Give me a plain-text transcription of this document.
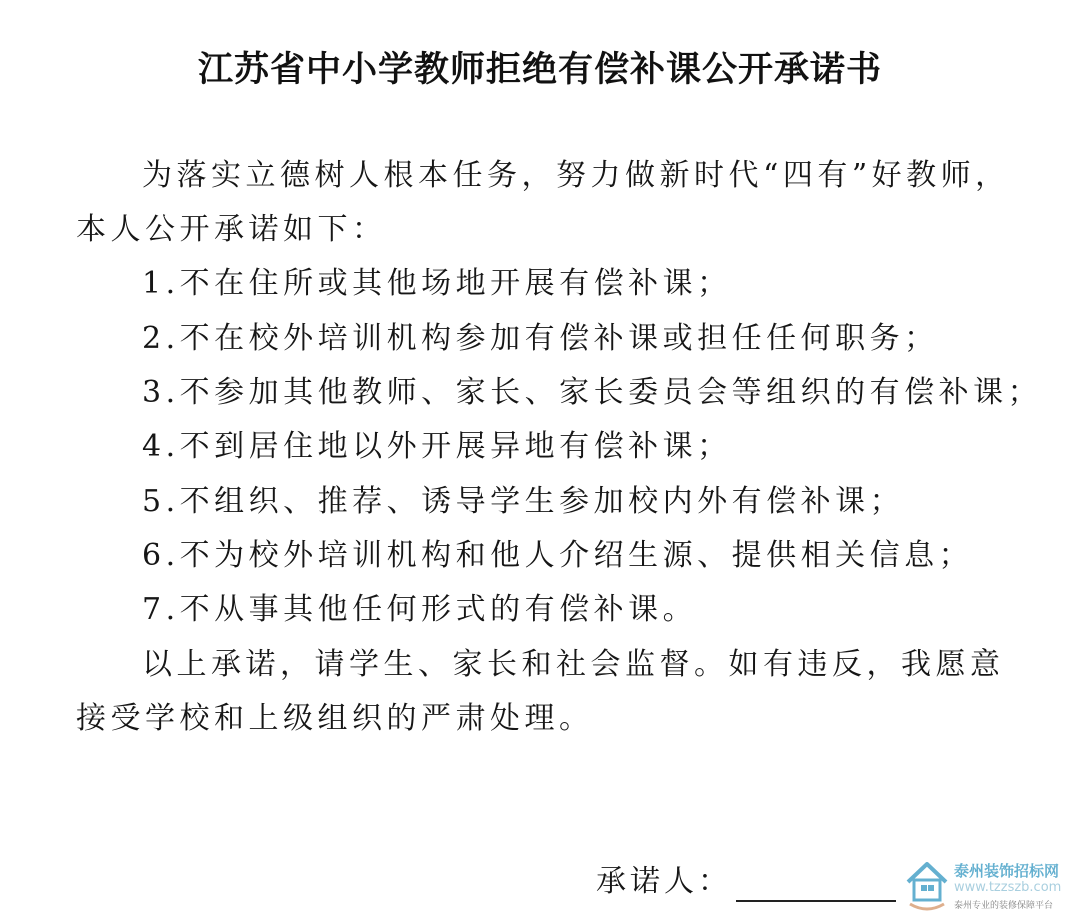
江苏省中小学教师拒绝有偿补课公开承诺书
为落实立德树人根本任务，努力做新时代“四有”好教师，
本人公开承诺如下：
1.不在住所或其他场地开展有偿补课；
2.不在校外培训机构参加有偿补课或担任任何职务；
3.不参加其他教师、家长、家长委员会等组织的有偿补课；
4.不到居住地以外开展异地有偿补课；
5.不组织、推荐、诱导学生参加校内外有偿补课；
6.不为校外培训机构和他人介绍生源、提供相关信息；
7.不从事其他任何形式的有偿补课。
以上承诺，请学生、家长和社会监督。如有违反，我愿意
接受学校和上级组织的严肃处理。
承诺人：	泰州装饰招标网
www.tzzszb.com
泰州专业的装修保障平台
